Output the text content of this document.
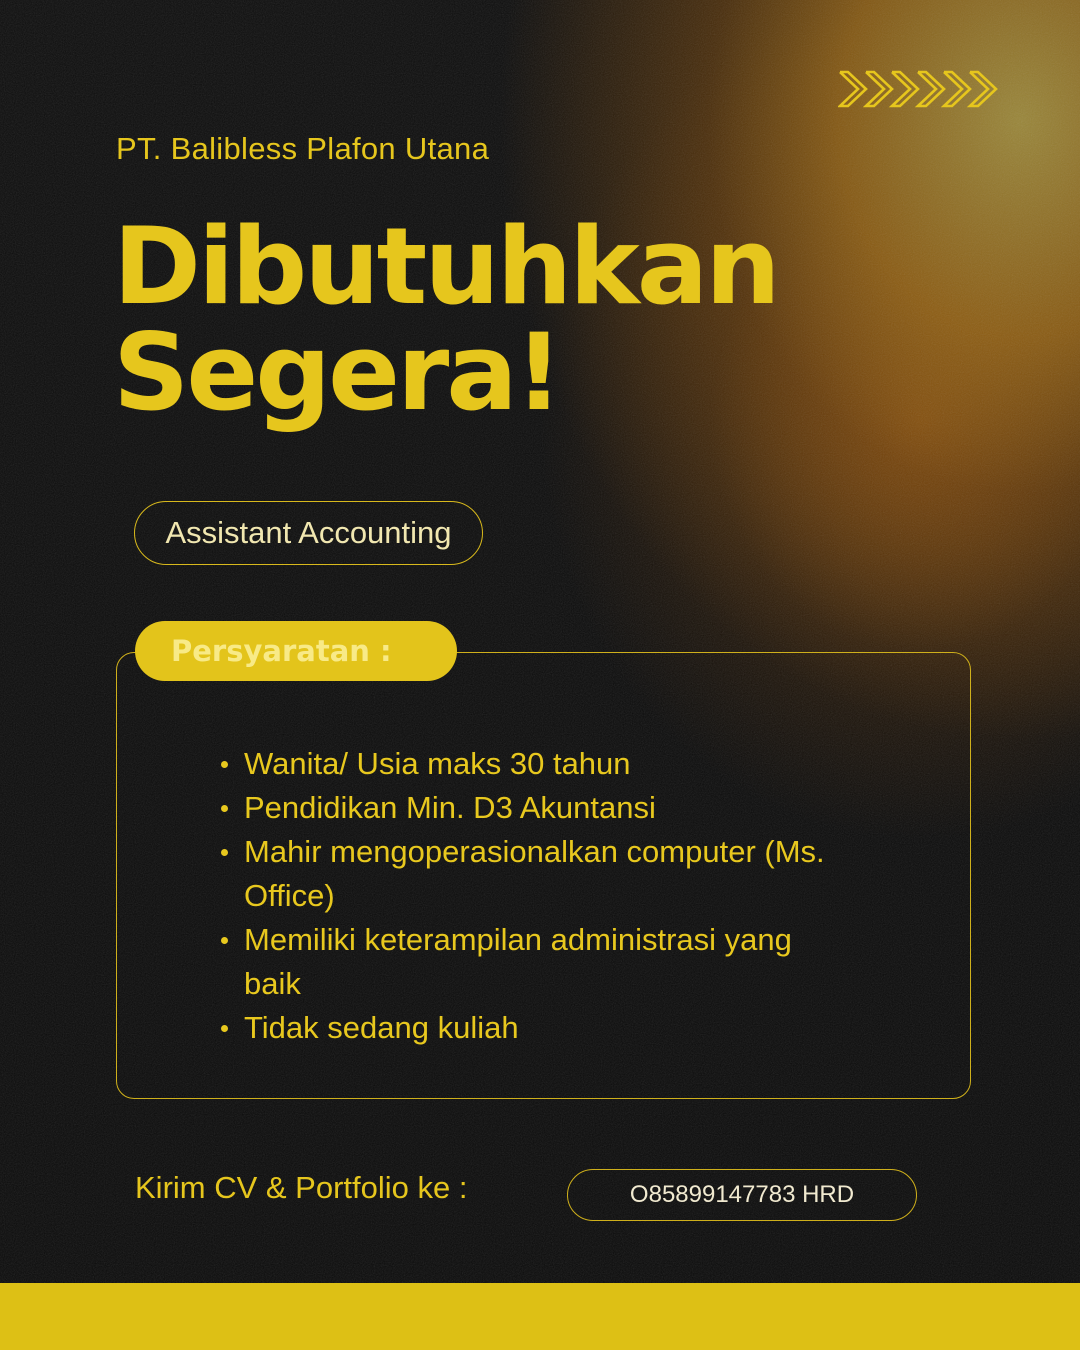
PT. Balibless Plafon Utana
Dibutuhkan
Segera!
Assistant Accounting
Persyaratan :
Wanita/ Usia maks 30 tahun
Pendidikan Min. D3 Akuntansi
Mahir mengoperasionalkan computer (Ms. Office)
Memiliki keterampilan administrasi yang baik
Tidak sedang kuliah
Kirim CV & Portfolio ke :	O85899147783 HRD
